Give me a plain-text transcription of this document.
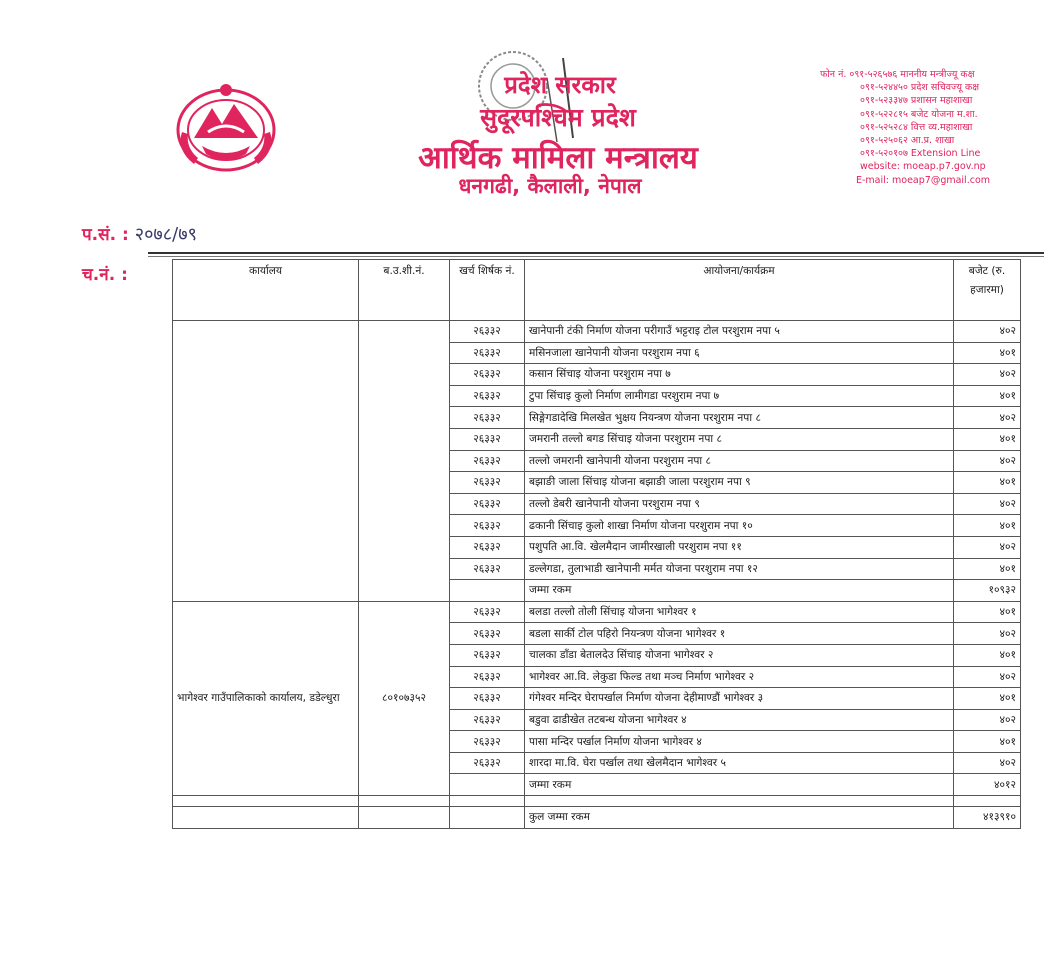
प्रदेश सरकार
सुदूरपश्चिम प्रदेश
आर्थिक मामिला मन्त्रालय
धनगढी, कैलाली, नेपाल
फोन नं. ०९१-५२६५७६ माननीय मन्त्रीज्यू कक्ष
०९१-५२४४५० प्रदेश सचिवज्यू कक्ष
०९१-५२३३४७ प्रशासन महाशाखा
०९१-५२२८१५ बजेट योजना म.शा.
०९१-५२५२८४ वित्त व्य.महाशाखा
०९१-५२५०६२ आ.प्र. शाखा
०९१-५२०१०७ Extension Line
website: moeap.p7.gov.np
E-mail: moeap7@gmail.com
प.सं. : २०७८/७९
च.नं. :	कार्यालय	ब.उ.शी.नं.	खर्च शिर्षक नं.	आयोजना/कार्यक्रम	बजेट (रु. हजारमा)
		२६३३२	खानेपानी टंकी निर्माण योजना परीगाउँ भट्टराइ टोल परशुराम नपा ५	४०२
		२६३३२	मसिनजाला खानेपानी योजना परशुराम नपा ६	४०१
		२६३३२	कसान सिंचाइ योजना परशुराम नपा ७	४०२
		२६३३२	टुपा सिंचाइ कुलो निर्माण लामीगडा परशुराम नपा ७	४०१
		२६३३२	सिङ्गेगडादेखि मिलखेत भुक्षय नियन्त्रण योजना परशुराम नपा ८	४०२
		२६३३२	जमरानी तल्लो बगड सिंचाइ योजना परशुराम नपा ८	४०१
		२६३३२	तल्लो जमरानी खानेपानी योजना परशुराम नपा ८	४०२
		२६३३२	बझाङी जाला सिंचाइ योजना बझाङी जाला परशुराम नपा ९	४०१
		२६३३२	तल्लो डेबरी खानेपानी योजना परशुराम नपा ९	४०२
		२६३३२	ढकानी सिंचाइ कुलो शाखा निर्माण योजना परशुराम नपा १०	४०१
		२६३३२	पशुपति आ.वि. खेलमैदान जामीरखाली परशुराम नपा ११	४०२
		२६३३२	डल्लेगडा, तुलाभाडी खानेपानी मर्मत योजना परशुराम नपा १२	४०१
			जम्मा रकम	१०९३२
भागेश्वर गाउँपालिकाको कार्यालय, डडेल्धुरा	८०१०७३५२	२६३३२	बलडा तल्लो तोली सिंचाइ योजना भागेश्वर १	४०१
		२६३३२	बडला सार्की टोल पहिरो नियन्त्रण योजना भागेश्वर १	४०२
		२६३३२	चालका डाँडा बेतालदेउ सिंचाइ योजना भागेश्वर २	४०१
		२६३३२	भागेश्वर आ.वि. लेकुडा फिल्ड तथा मञ्च निर्माण भागेश्वर २	४०२
		२६३३२	गंगेश्वर मन्दिर घेरापर्खाल निर्माण योजना देहीमाण्डौं भागेश्वर ३	४०१
		२६३३२	बडुवा ढाडीखेत तटबन्ध योजना भागेश्वर ४	४०२
		२६३३२	पासा मन्दिर पर्खाल निर्माण योजना भागेश्वर ४	४०१
		२६३३२	शारदा मा.वि. घेरा पर्खाल तथा खेलमैदान भागेश्वर ५	४०२
			जम्मा रकम	४०१२

			कुल जम्मा रकम	४१३९१०
